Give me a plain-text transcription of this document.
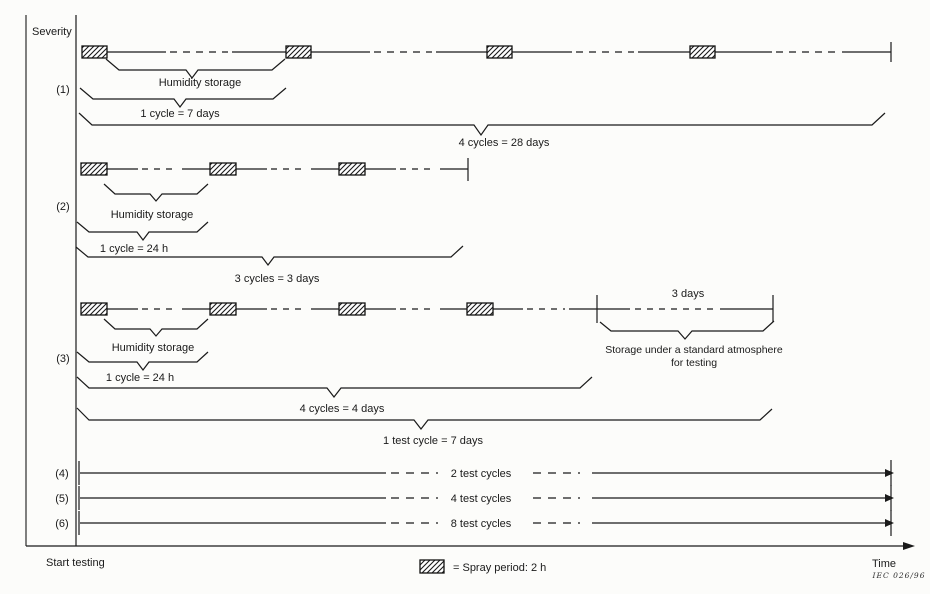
Severity
Start testing	Time
IEC 026/96
(1)
Humidity storage
1 cycle = 7 days
4 cycles = 28 days
(2)
Humidity storage
1 cycle = 24 h
3 cycles = 3 days
(3)
3 days
Humidity storage	Storage under a standard atmosphere
for testing
1 cycle = 24 h
4 cycles = 4 days
1 test cycle = 7 days
(4)	2 test cycles
(5)	4 test cycles
(6)	8 test cycles
= Spray period: 2 h
